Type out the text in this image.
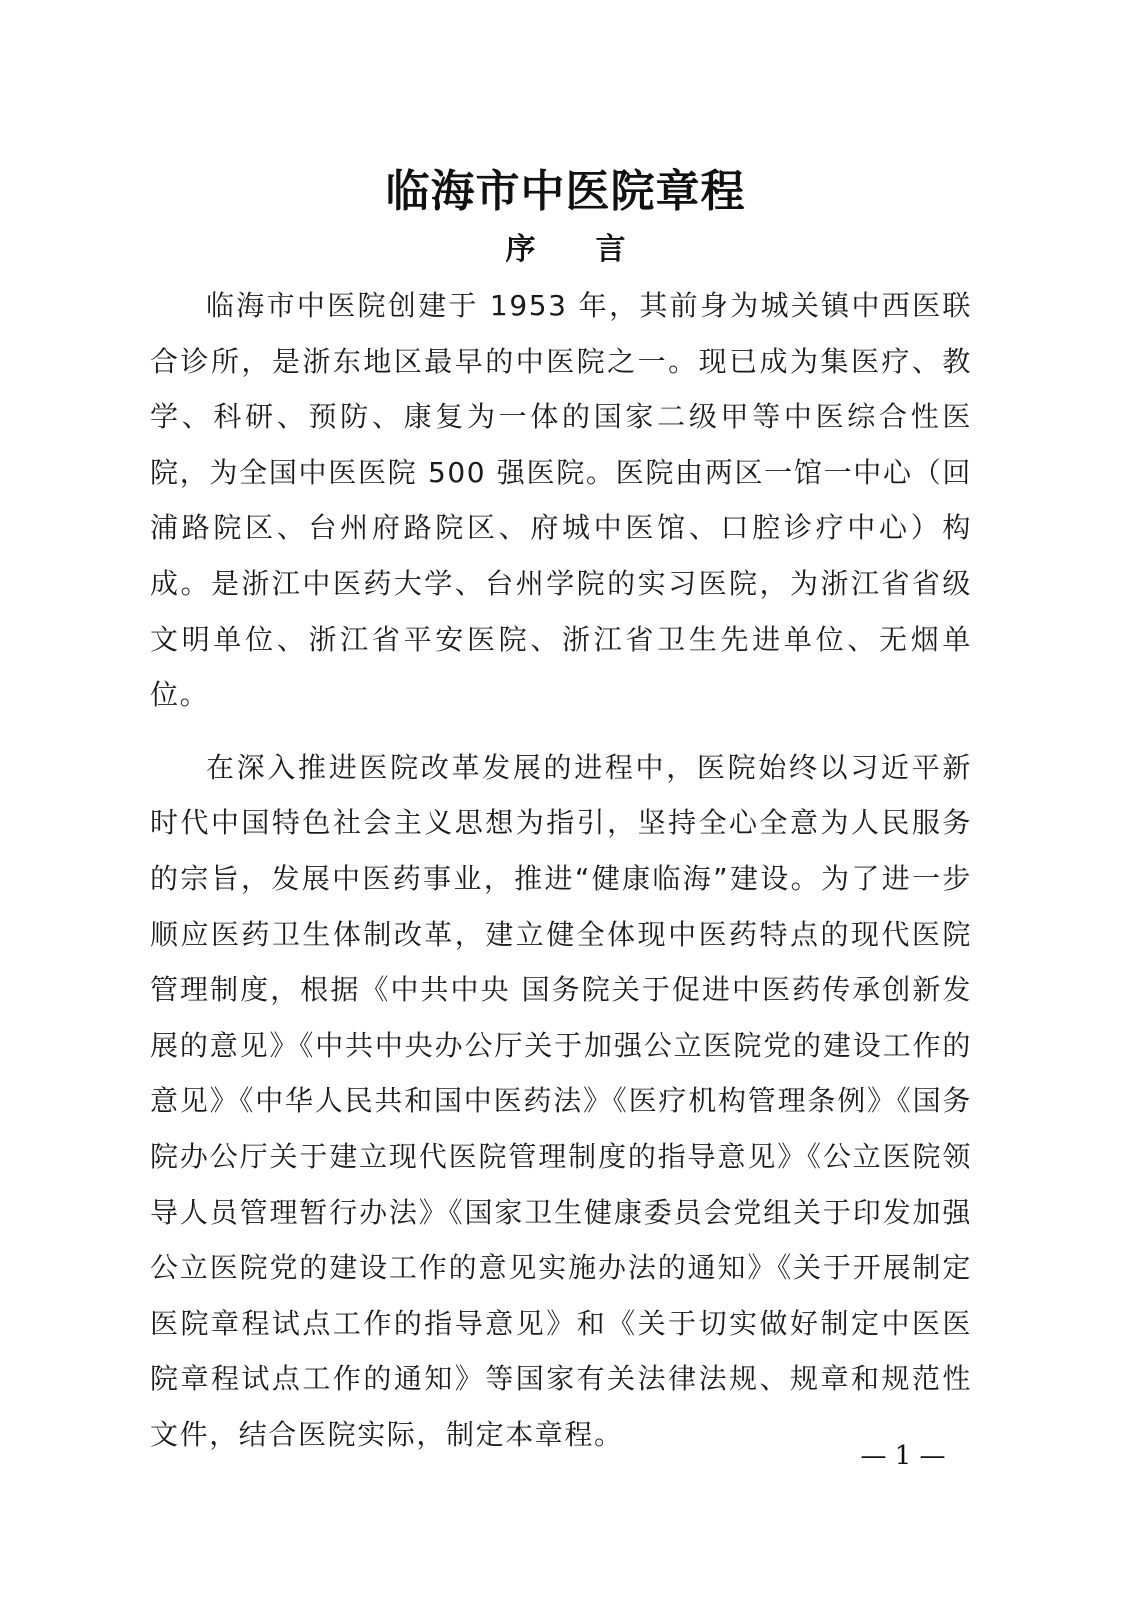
临海市中医院章程
序言

临海市中医院创建于 1953 年，其前身为城关镇中西医联合诊所，是浙东地区最早的中医院之一。现已成为集医疗、教学、科研、预防、康复为一体的国家二级甲等中医综合性医院，为全国中医医院 500 强医院。医院由两区一馆一中心（回浦路院区、台州府路院区、府城中医馆、口腔诊疗中心）构成。是浙江中医药大学、台州学院的实习医院，为浙江省省级文明单位、浙江省平安医院、浙江省卫生先进单位、无烟单位。

在深入推进医院改革发展的进程中，医院始终以习近平新时代中国特色社会主义思想为指引，坚持全心全意为人民服务的宗旨，发展中医药事业，推进“健康临海”建设。为了进一步顺应医药卫生体制改革，建立健全体现中医药特点的现代医院管理制度，根据《中共中央 国务院关于促进中医药传承创新发展的意见》《中共中央办公厅关于加强公立医院党的建设工作的意见》《中华人民共和国中医药法》《医疗机构管理条例》《国务院办公厅关于建立现代医院管理制度的指导意见》《公立医院领导人员管理暂行办法》《国家卫生健康委员会党组关于印发加强公立医院党的建设工作的意见实施办法的通知》《关于开展制定医院章程试点工作的指导意见》和《关于切实做好制定中医医院章程试点工作的通知》等国家有关法律法规、规章和规范性文件，结合医院实际，制定本章程。

— 1 —
